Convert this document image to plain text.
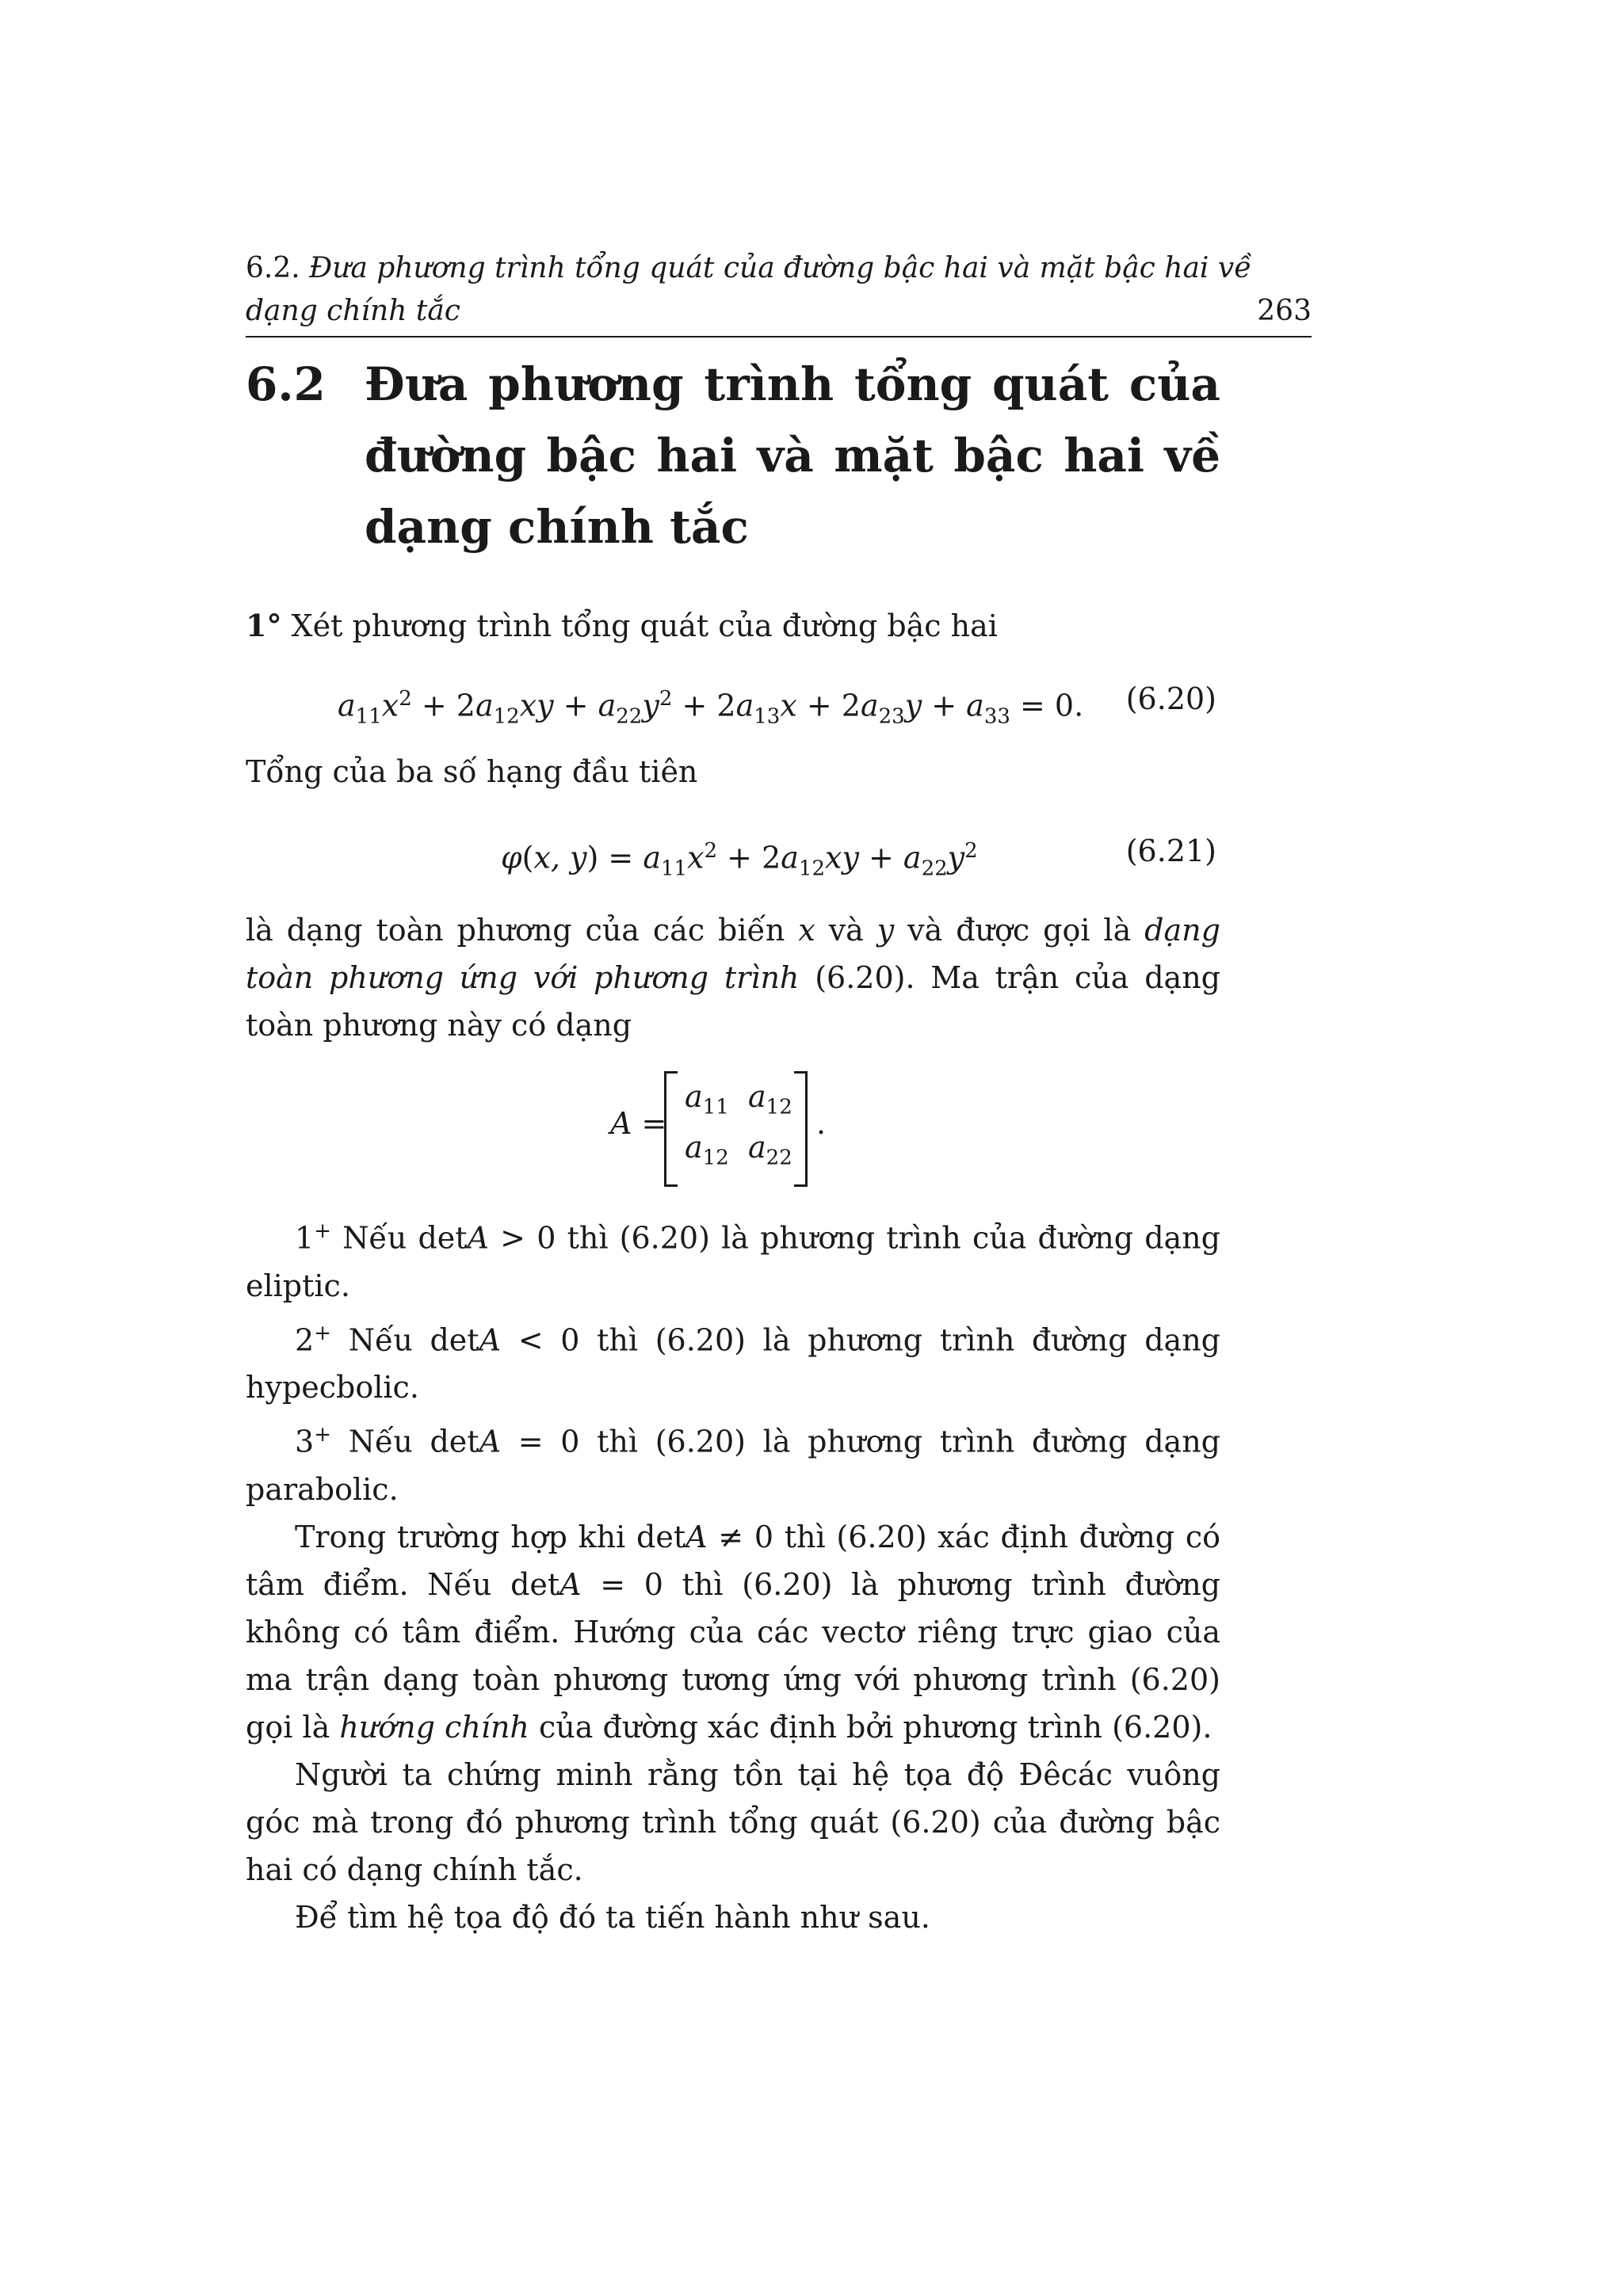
6.2. Đưa phương trình tổng quát của đường bậc hai và mặt bậc hai về
dạng chính tắc	263
6.2 Đưa phương trình tổng quát của đường bậc hai và mặt bậc hai về dạng chính tắc

1° Xét phương trình tổng quát của đường bậc hai

$a_{11}x^2 + 2a_{12}xy + a_{22}y^2 + 2a_{13}x + 2a_{23}y + a_{33} = 0$. (6.20)

Tổng của ba số hạng đầu tiên

φ(x, $y) = a_{11}x^2 + 2a_{12}xy + a_{22}y^2$	(6.21)

là dạng toàn phương của các biến x và y và được gọi là dạng toàn phương ứng với phương trình (6.20). Ma trận của dạng toàn phương này có dạng

A =
$a_{11}$ $a_{12}$
$a_{12}$ $a_{22}$
.

1+ Nếu detA > 0 thì (6.20) là phương trình của đường dạng eliptic.

2+ Nếu detA < 0 thì (6.20) là phương trình đường dạng hypecbolic.

3+ Nếu detA = 0 thì (6.20) là phương trình đường dạng parabolic.

Trong trường hợp khi detA ≠ 0 thì (6.20) xác định đường có tâm điểm. Nếu detA = 0 thì (6.20) là phương trình đường không có tâm điểm. Hướng của các vectơ riêng trực giao của ma trận dạng toàn phương tương ứng với phương trình (6.20) gọi là hướng chính của đường xác định bởi phương trình (6.20).

Người ta chứng minh rằng tồn tại hệ tọa độ Đêcác vuông góc mà trong đó phương trình tổng quát (6.20) của đường bậc hai có dạng chính tắc.

Để tìm hệ tọa độ đó ta tiến hành như sau.
